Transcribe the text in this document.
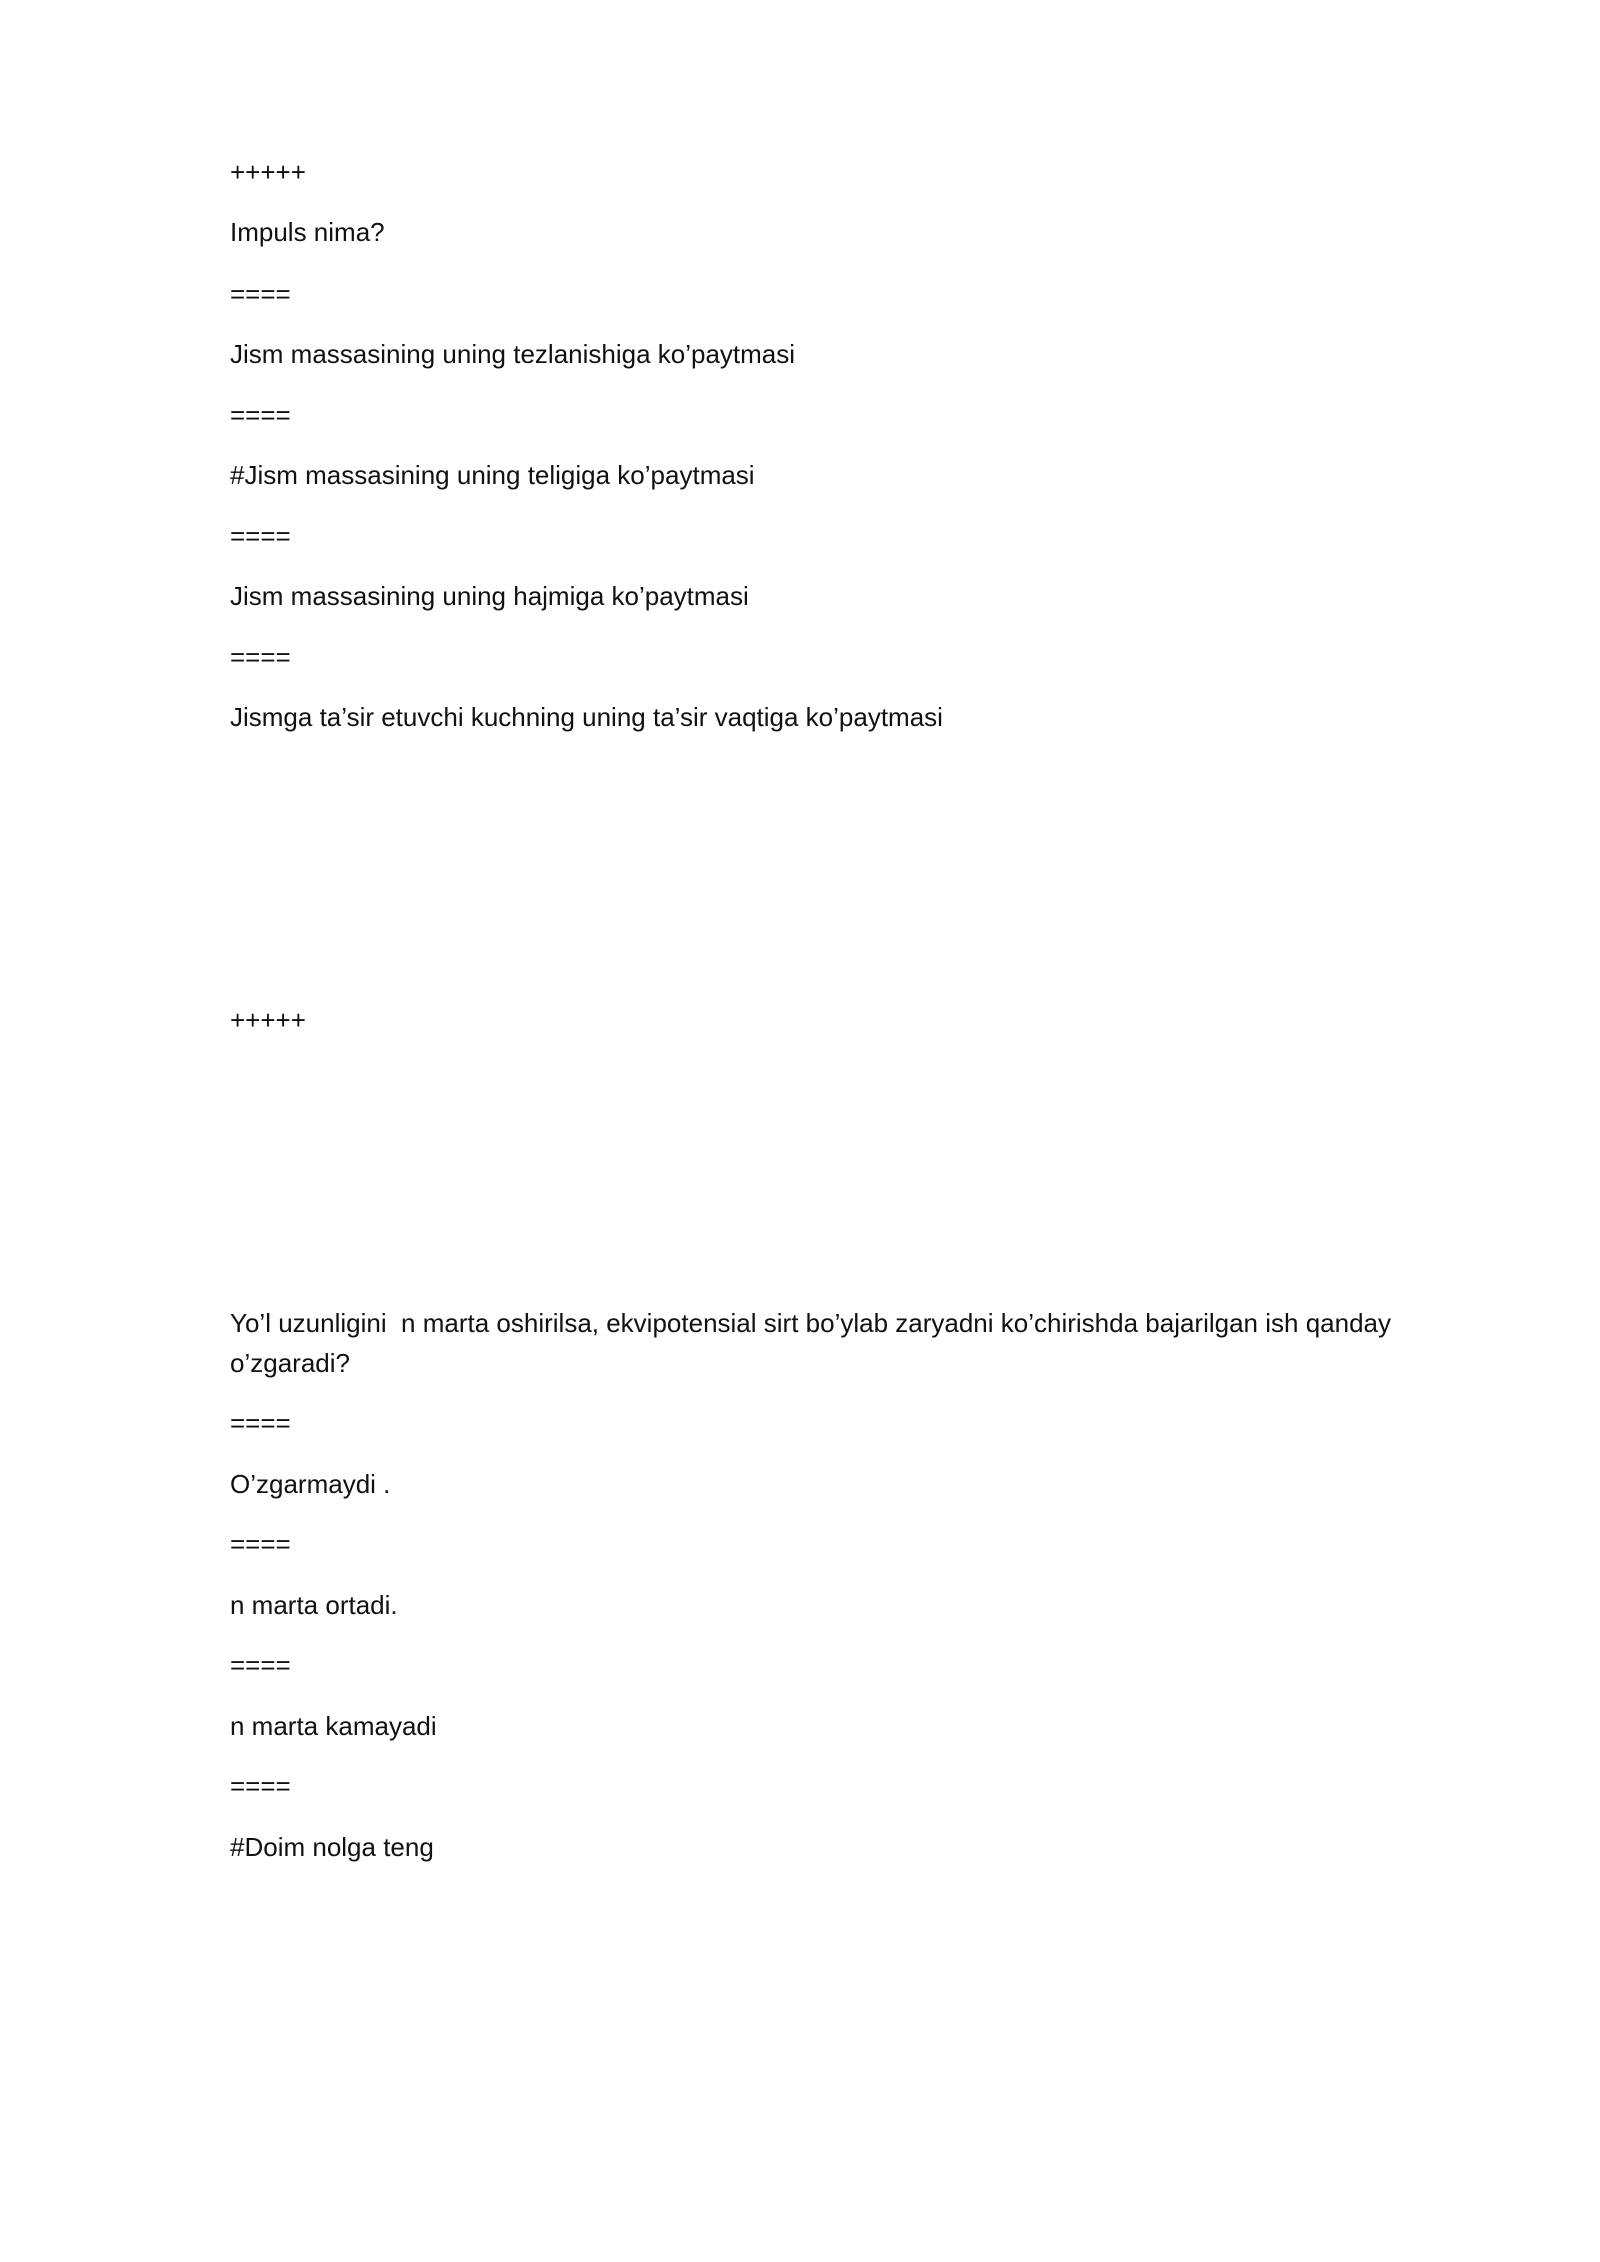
+++++

Impuls nima?

====

Jism massasining uning tezlanishiga ko’paytmasi

====

#Jism massasining uning teligiga ko’paytmasi

====

Jism massasining uning hajmiga ko’paytmasi

====

Jismga ta’sir etuvchi kuchning uning ta’sir vaqtiga ko’paytmasi

+++++

Yo’l uzunligini  n marta oshirilsa, ekvipotensial sirt bo’ylab zaryadni ko’chirishda bajarilgan ish qanday o’zgaradi?

====

O’zgarmaydi .

====

n marta ortadi.

====

n marta kamayadi

====

#Doim nolga teng
